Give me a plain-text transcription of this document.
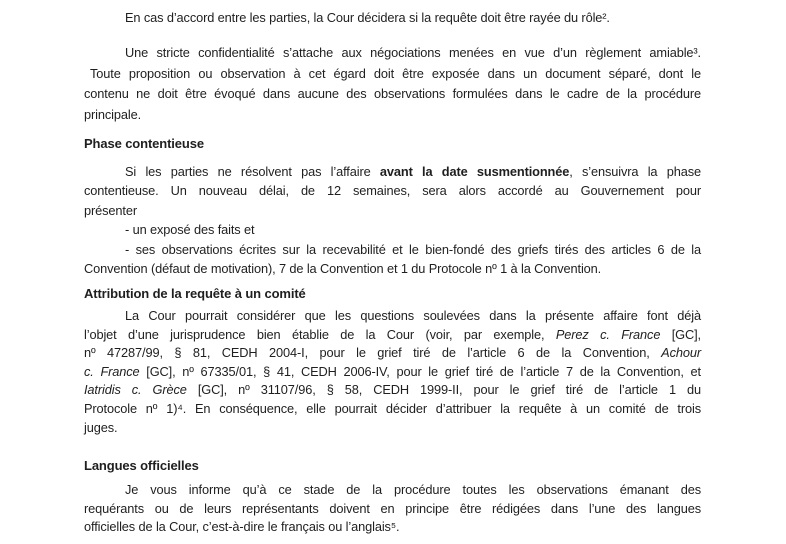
En cas d’accord entre les parties, la Cour décidera si la requête doit être rayée du rôle².
Une stricte confidentialité s’attache aux négociations menées en vue d’un règlement amiable³.
Toute proposition ou observation à cet égard doit être exposée dans un document séparé, dont le
contenu ne doit être évoqué dans aucune des observations formulées dans le cadre de la procédure
principale.
Phase contentieuse
Si les parties ne résolvent pas l’affaire avant la date susmentionnée, s’ensuivra la phase
contentieuse. Un nouveau délai, de 12 semaines, sera alors accordé au Gouvernement pour
présenter
- un exposé des faits et
- ses observations écrites sur la recevabilité et le bien-fondé des griefs tirés des articles 6 de la
Convention (défaut de motivation), 7 de la Convention et 1 du Protocole nº 1 à la Convention.
Attribution de la requête à un comité
La Cour pourrait considérer que les questions soulevées dans la présente affaire font déjà
l’objet d’une jurisprudence bien établie de la Cour (voir, par exemple, Perez c. France [GC],
nº 47287/99, § 81, CEDH 2004-I, pour le grief tiré de l’article 6 de la Convention, Achour
c. France [GC], nº 67335/01, § 41, CEDH 2006-IV, pour le grief tiré de l’article 7 de la Convention, et
Iatridis c. Grèce [GC], nº 31107/96, § 58, CEDH 1999-II, pour le grief tiré de l’article 1 du
Protocole nº 1)⁴. En conséquence, elle pourrait décider d’attribuer la requête à un comité de trois
juges.
Langues officielles
Je vous informe qu’à ce stade de la procédure toutes les observations émanant des
requérants ou de leurs représentants doivent en principe être rédigées dans l’une des langues
officielles de la Cour, c’est-à-dire le français ou l’anglais⁵.
